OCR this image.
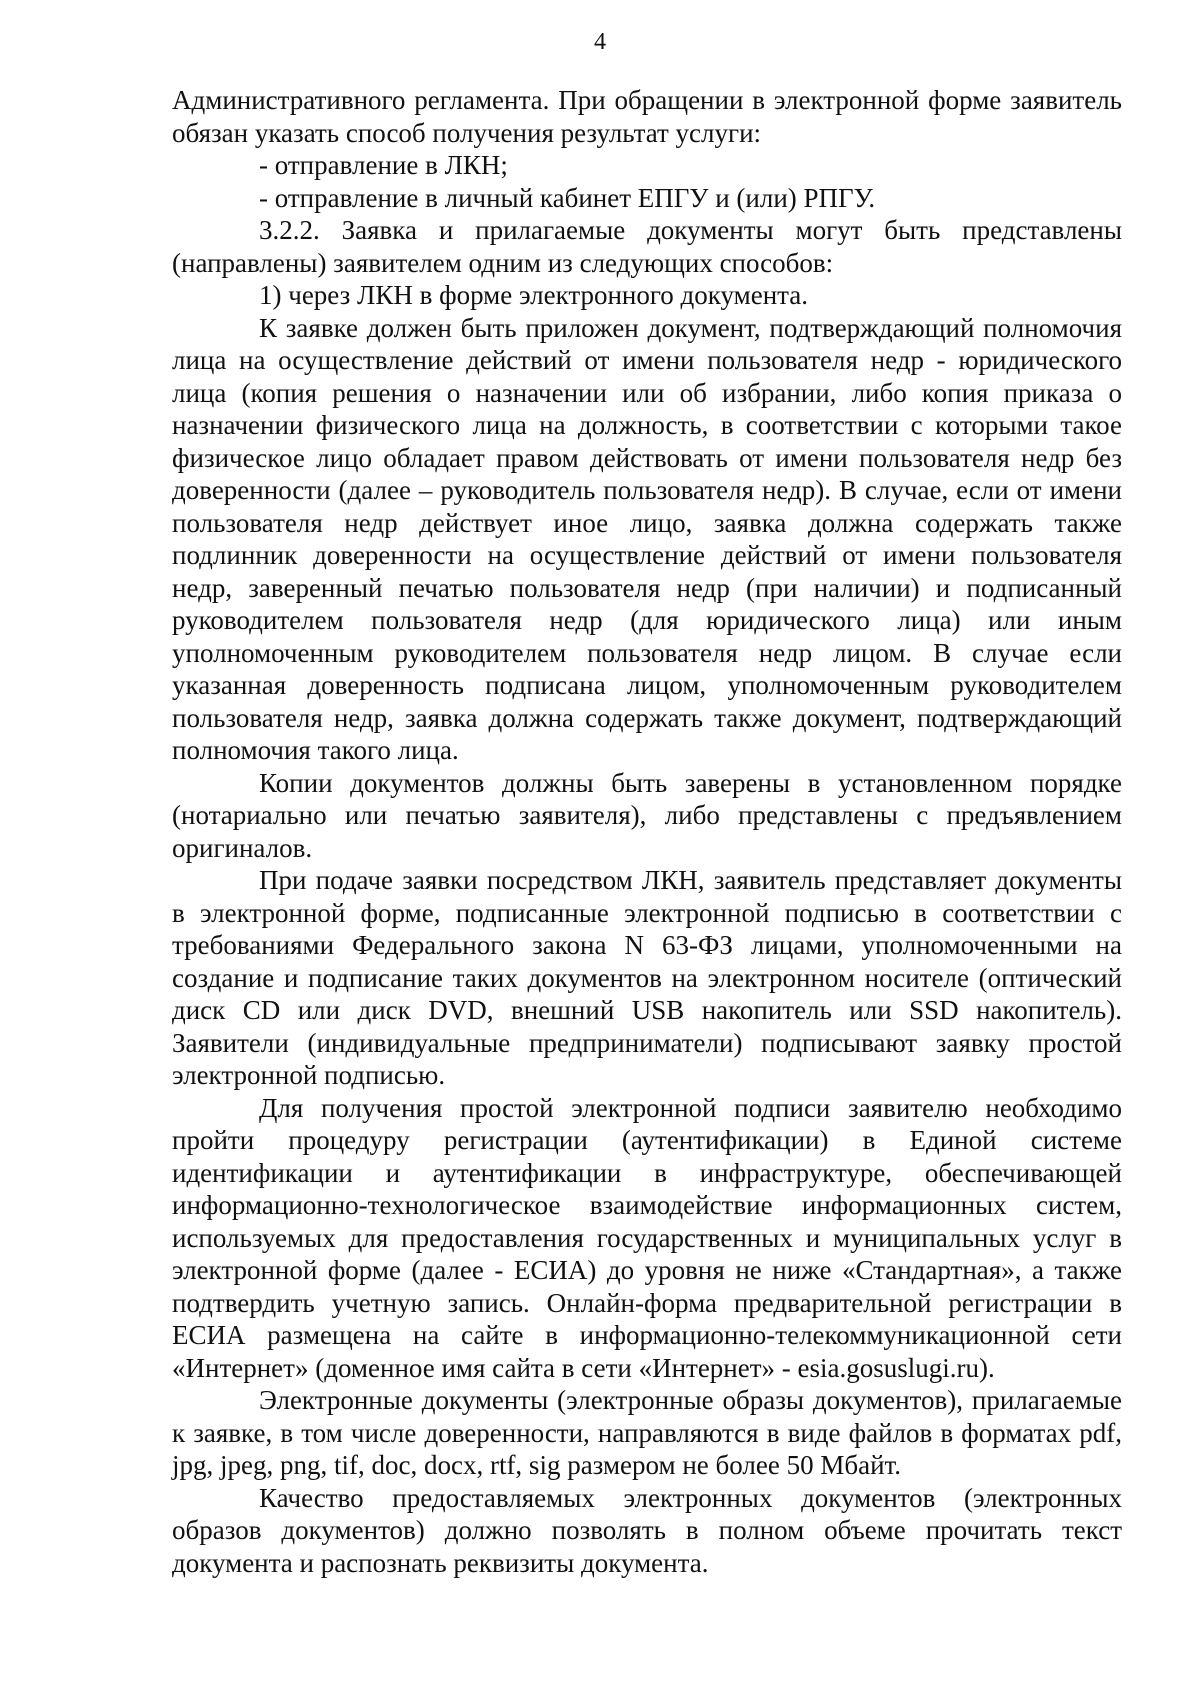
4

Административного регламента. При обращении в электронной форме заявитель обязан указать способ получения результат услуги:

- отправление в ЛКН;

- отправление в личный кабинет ЕПГУ и (или) РПГУ.

3.2.2. Заявка и прилагаемые документы могут быть представлены (направлены) заявителем одним из следующих способов:

1) через ЛКН в форме электронного документа.

К заявке должен быть приложен документ, подтверждающий полномочия лица на осуществление действий от имени пользователя недр - юридического лица (копия решения о назначении или об избрании, либо копия приказа о назначении физического лица на должность, в соответствии с которыми такое физическое лицо обладает правом действовать от имени пользователя недр без доверенности (далее – руководитель пользователя недр). В случае, если от имени пользователя недр действует иное лицо, заявка должна содержать также подлинник доверенности на осуществление действий от имени пользователя недр, заверенный печатью пользователя недр (при наличии) и подписанный руководителем пользователя недр (для юридического лица) или иным уполномоченным руководителем пользователя недр лицом. В случае если указанная доверенность подписана лицом, уполномоченным руководителем пользователя недр, заявка должна содержать также документ, подтверждающий полномочия такого лица.

Копии документов должны быть заверены в установленном порядке (нотариально или печатью заявителя), либо представлены с предъявлением оригиналов.

При подаче заявки посредством ЛКН, заявитель представляет документы в электронной форме, подписанные электронной подписью в соответствии с требованиями Федерального закона N 63-ФЗ лицами, уполномоченными на создание и подписание таких документов на электронном носителе (оптический диск CD или диск DVD, внешний USB накопитель или SSD накопитель). Заявители (индивидуальные предприниматели) подписывают заявку простой электронной подписью.

Для получения простой электронной подписи заявителю необходимо пройти процедуру регистрации (аутентификации) в Единой системе идентификации и аутентификации в инфраструктуре, обеспечивающей информационно-технологическое взаимодействие информационных систем, используемых для предоставления государственных и муниципальных услуг в электронной форме (далее - ЕСИА) до уровня не ниже «Стандартная», а также подтвердить учетную запись. Онлайн-форма предварительной регистрации в ЕСИА размещена на сайте в информационно-телекоммуникационной сети «Интернет» (доменное имя сайта в сети «Интернет» - esia.gosuslugi.ru).

Электронные документы (электронные образы документов), прилагаемые к заявке, в том числе доверенности, направляются в виде файлов в форматах pdf, jpg, jpeg, png, tif, doc, docx, rtf, sig размером не более 50 Мбайт.

Качество предоставляемых электронных документов (электронных образов документов) должно позволять в полном объеме прочитать текст документа и распознать реквизиты документа.
